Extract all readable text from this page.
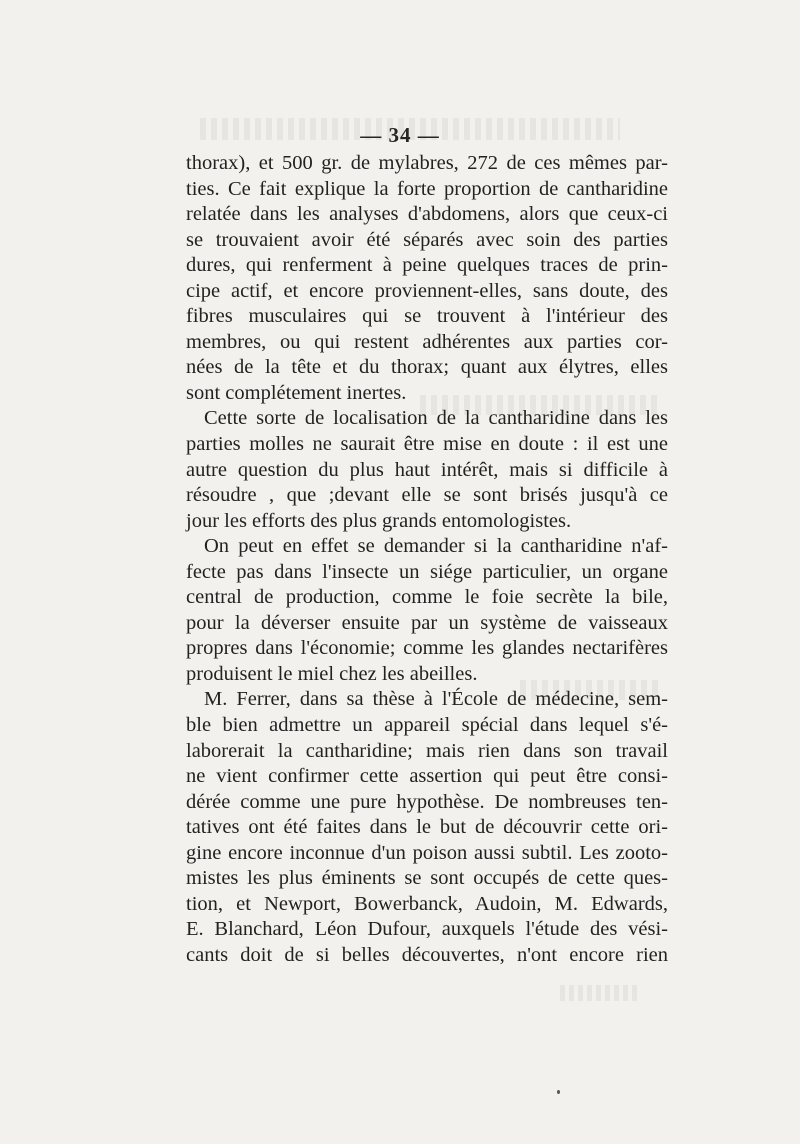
— 34 —
thorax), et 500 gr. de mylabres, 272 de ces mêmes par-
ties. Ce fait explique la forte proportion de cantharidine
relatée dans les analyses d'abdomens, alors que ceux-ci
se trouvaient avoir été séparés avec soin des parties
dures, qui renferment à peine quelques traces de prin-
cipe actif, et encore proviennent-elles, sans doute, des
fibres musculaires qui se trouvent à l'intérieur des
membres, ou qui restent adhérentes aux parties cor-
nées de la tête et du thorax; quant aux élytres, elles
sont complétement inertes.
Cette sorte de localisation de la cantharidine dans les
parties molles ne saurait être mise en doute : il est une
autre question du plus haut intérêt, mais si difficile à
résoudre , que ;devant elle se sont brisés jusqu'à ce
jour les efforts des plus grands entomologistes.
On peut en effet se demander si la cantharidine n'af-
fecte pas dans l'insecte un siége particulier, un organe
central de production, comme le foie secrète la bile,
pour la déverser ensuite par un système de vaisseaux
propres dans l'économie; comme les glandes nectarifères
produisent le miel chez les abeilles.
M. Ferrer, dans sa thèse à l'École de médecine, sem-
ble bien admettre un appareil spécial dans lequel s'é-
laborerait la cantharidine; mais rien dans son travail
ne vient confirmer cette assertion qui peut être consi-
dérée comme une pure hypothèse. De nombreuses ten-
tatives ont été faites dans le but de découvrir cette ori-
gine encore inconnue d'un poison aussi subtil. Les zooto-
mistes les plus éminents se sont occupés de cette ques-
tion, et Newport, Bowerbanck, Audoin, M. Edwards,
E. Blanchard, Léon Dufour, auxquels l'étude des vési-
cants doit de si belles découvertes, n'ont encore rien
